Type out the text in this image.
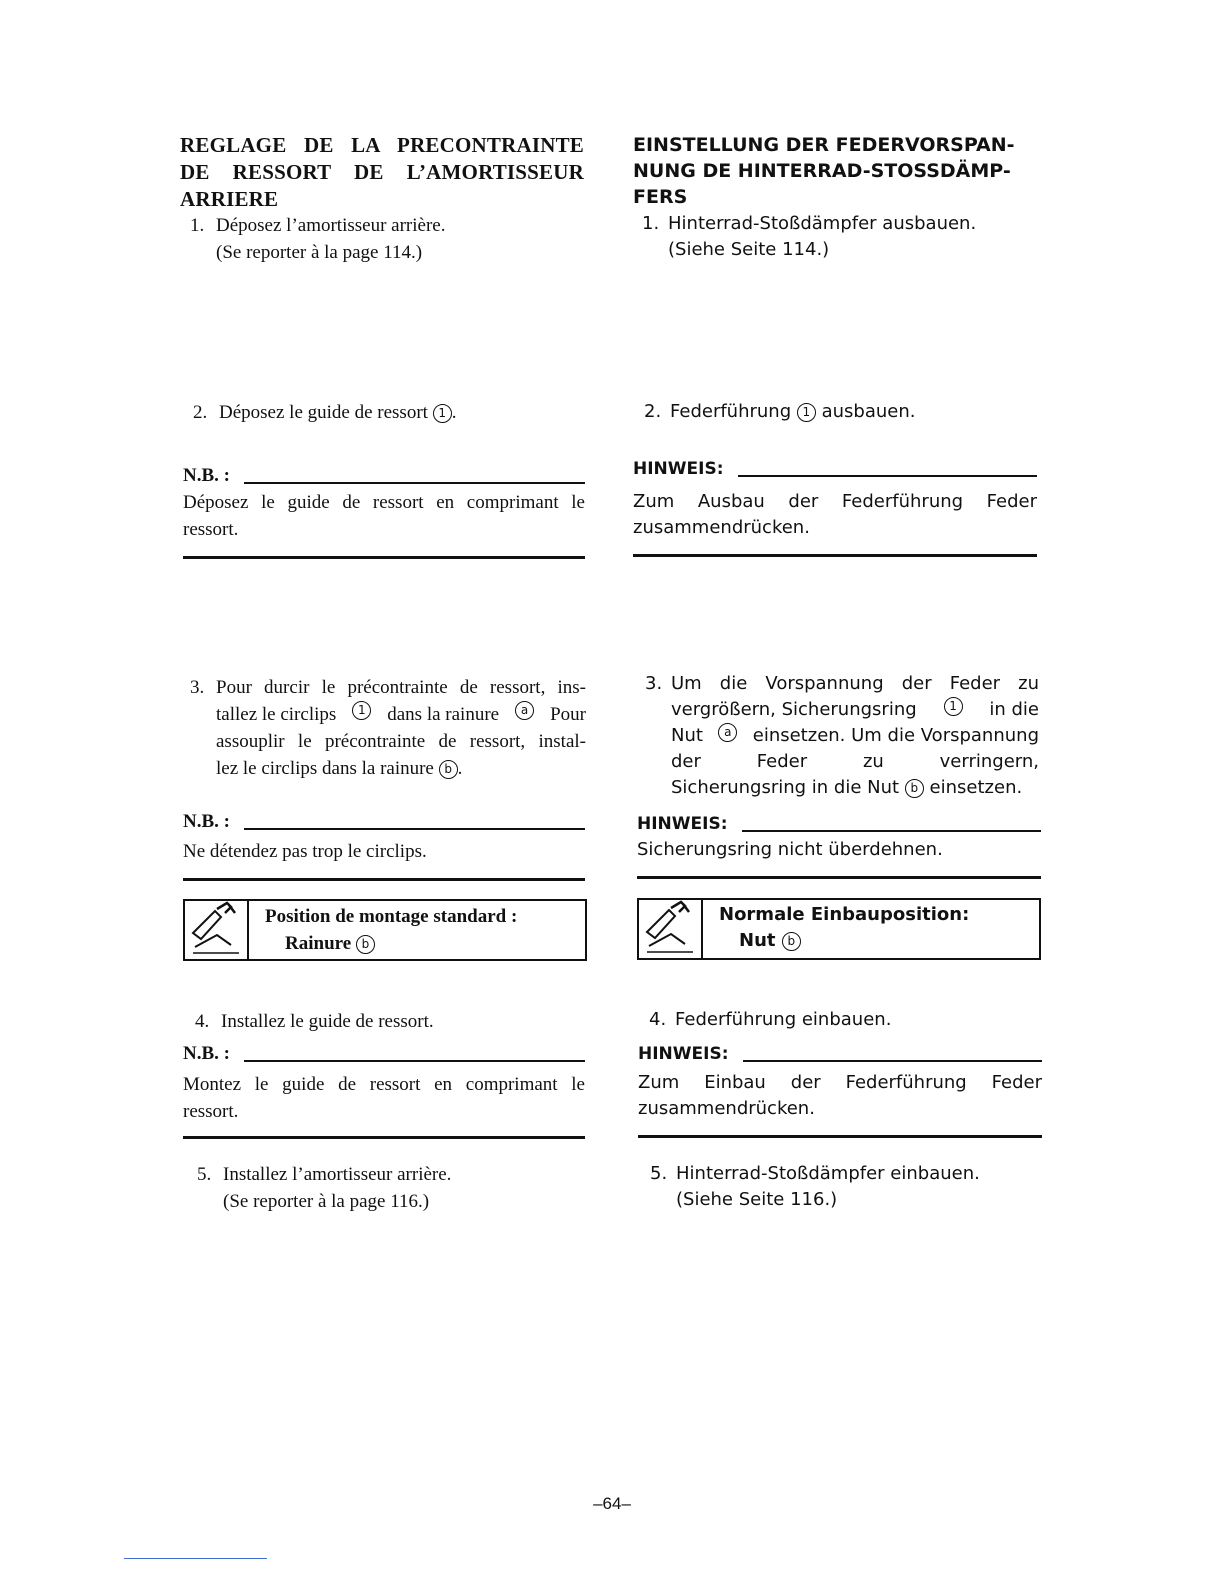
REGLAGE DE LA PRECONTRAINTE
DE RESSORT DE L’AMORTISSEUR
ARRIERE
1. Déposez l’amortisseur arrière.
(Se reporter à la page 114.)
2. Déposez le guide de ressort 1 .
N.B. :
Déposez le guide de ressort en comprimant le
ressort.
3. Pour durcir le précontrainte de ressort, ins-
tallez le circlips	1 dans la rainure	a	Pour
assouplir le précontrainte de ressort, instal-
lez le circlips dans la rainure b .
N.B. :
Ne détendez pas trop le circlips.
Position de montage standard :
Rainure b
4. Installez le guide de ressort.
N.B. :
Montez le guide de ressort en comprimant le
ressort.
5. Installez l’amortisseur arrière.
(Se reporter à la page 116.)
EINSTELLUNG DER FEDERVORSPAN-
NUNG DE HINTERRAD-STOSSDÄMP-
FERS
1. Hinterrad-Stoßdämpfer ausbauen.
(Siehe Seite 114.)
2. Federführung 1 ausbauen.
HINWEIS:
Zum Ausbau der Federführung Feder
zusammendrücken.
3. Um die Vorspannung der Feder zu
vergrößern, Sicherungsring	1	in die
Nut	a	einsetzen. Um die Vorspannung
der Feder zu verringern,
Sicherungsring in die Nut b einsetzen.
HINWEIS:
Sicherungsring nicht überdehnen.
Normale Einbauposition:
Nut b
4. Federführung einbauen.
HINWEIS:
Zum Einbau der Federführung Feder
zusammendrücken.
5. Hinterrad-Stoßdämpfer einbauen.
(Siehe Seite 116.)
–64–
